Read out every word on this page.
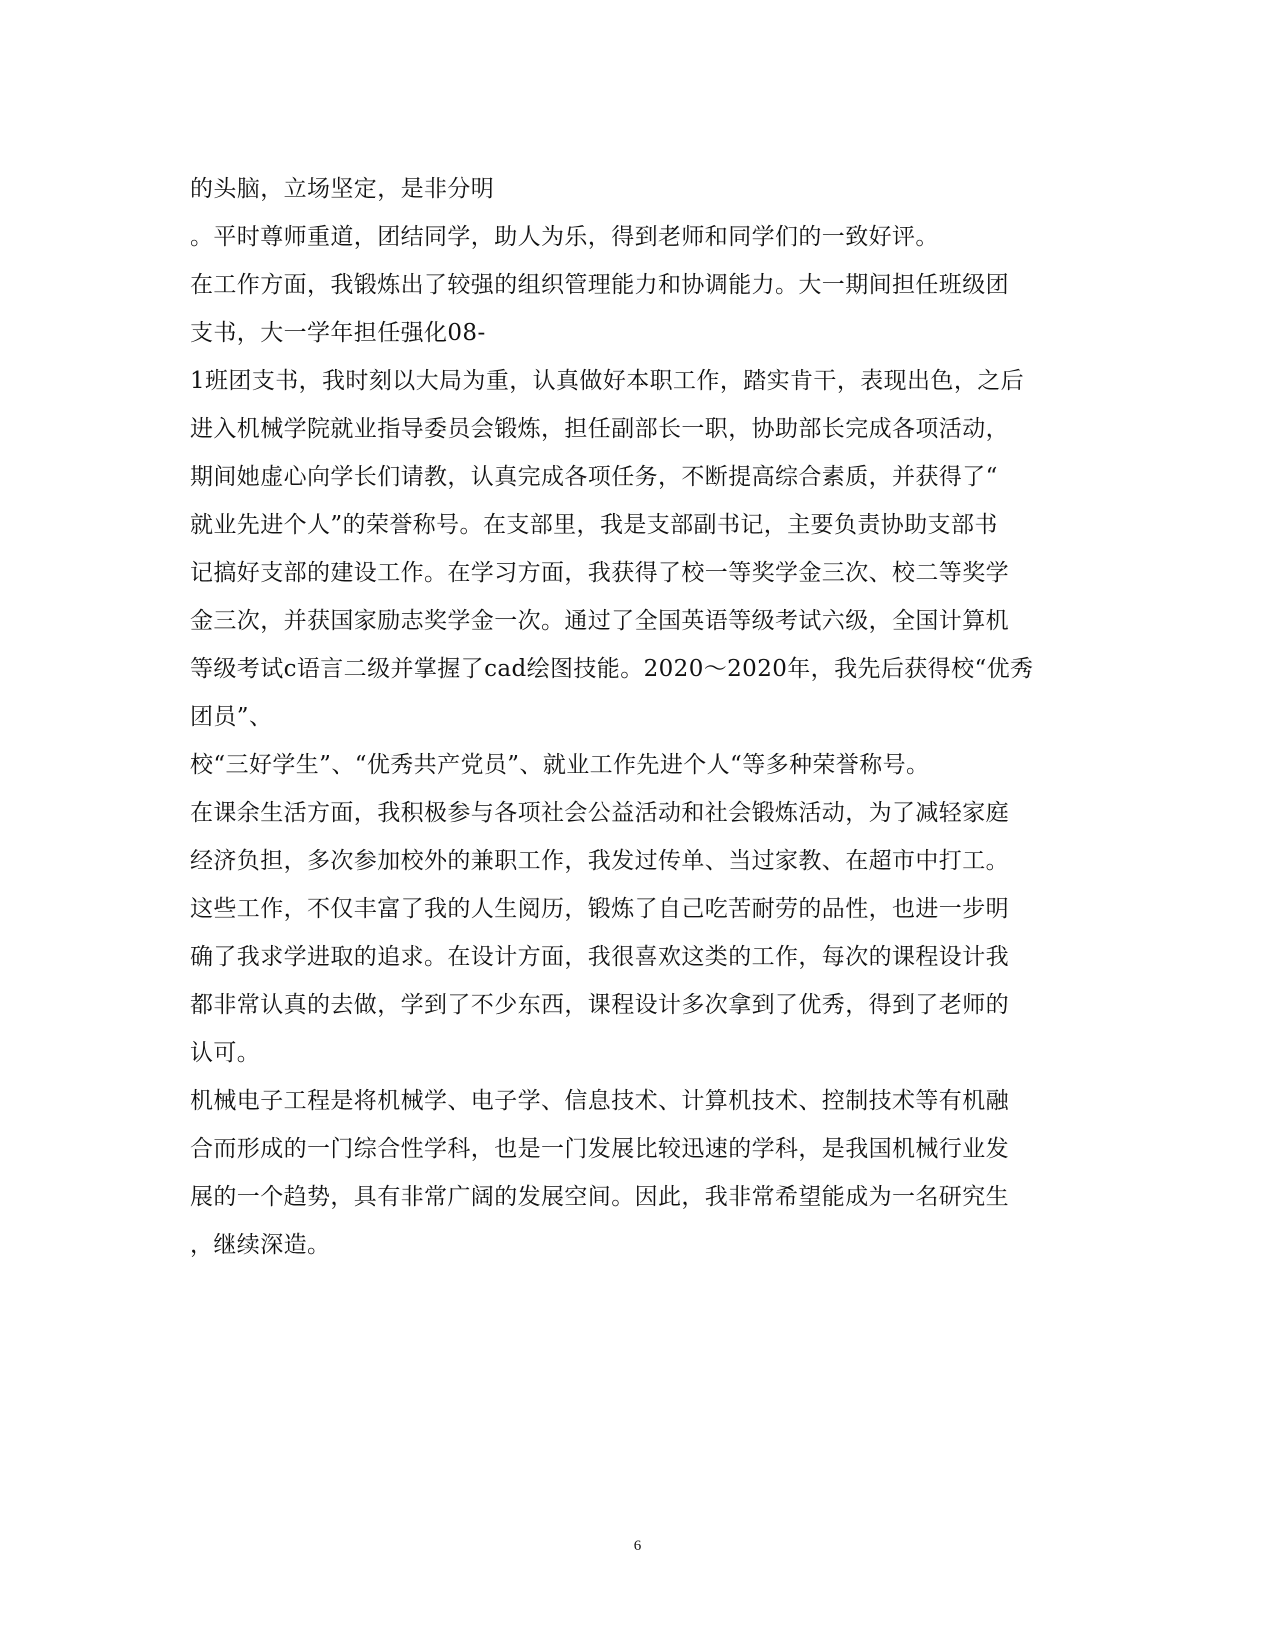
的头脑，立场坚定，是非分明
。平时尊师重道，团结同学，助人为乐，得到老师和同学们的一致好评。
在工作方面，我锻炼出了较强的组织管理能力和协调能力。大一期间担任班级团
支书，大一学年担任强化08-
1班团支书，我时刻以大局为重，认真做好本职工作，踏实肯干，表现出色，之后
进入机械学院就业指导委员会锻炼，担任副部长一职，协助部长完成各项活动，
期间她虚心向学长们请教，认真完成各项任务，不断提高综合素质，并获得了“
就业先进个人”的荣誉称号。在支部里，我是支部副书记，主要负责协助支部书
记搞好支部的建设工作。在学习方面，我获得了校一等奖学金三次、校二等奖学
金三次，并获国家励志奖学金一次。通过了全国英语等级考试六级，全国计算机
等级考试c语言二级并掌握了cad绘图技能。2020～2020年，我先后获得校“优秀
团员”、
校“三好学生”、“优秀共产党员”、就业工作先进个人“等多种荣誉称号。
在课余生活方面，我积极参与各项社会公益活动和社会锻炼活动，为了减轻家庭
经济负担，多次参加校外的兼职工作，我发过传单、当过家教、在超市中打工。
这些工作，不仅丰富了我的人生阅历，锻炼了自己吃苦耐劳的品性，也进一步明
确了我求学进取的追求。在设计方面，我很喜欢这类的工作，每次的课程设计我
都非常认真的去做，学到了不少东西，课程设计多次拿到了优秀，得到了老师的
认可。
机械电子工程是将机械学、电子学、信息技术、计算机技术、控制技术等有机融
合而形成的一门综合性学科，也是一门发展比较迅速的学科，是我国机械行业发
展的一个趋势，具有非常广阔的发展空间。因此，我非常希望能成为一名研究生
，继续深造。
6
